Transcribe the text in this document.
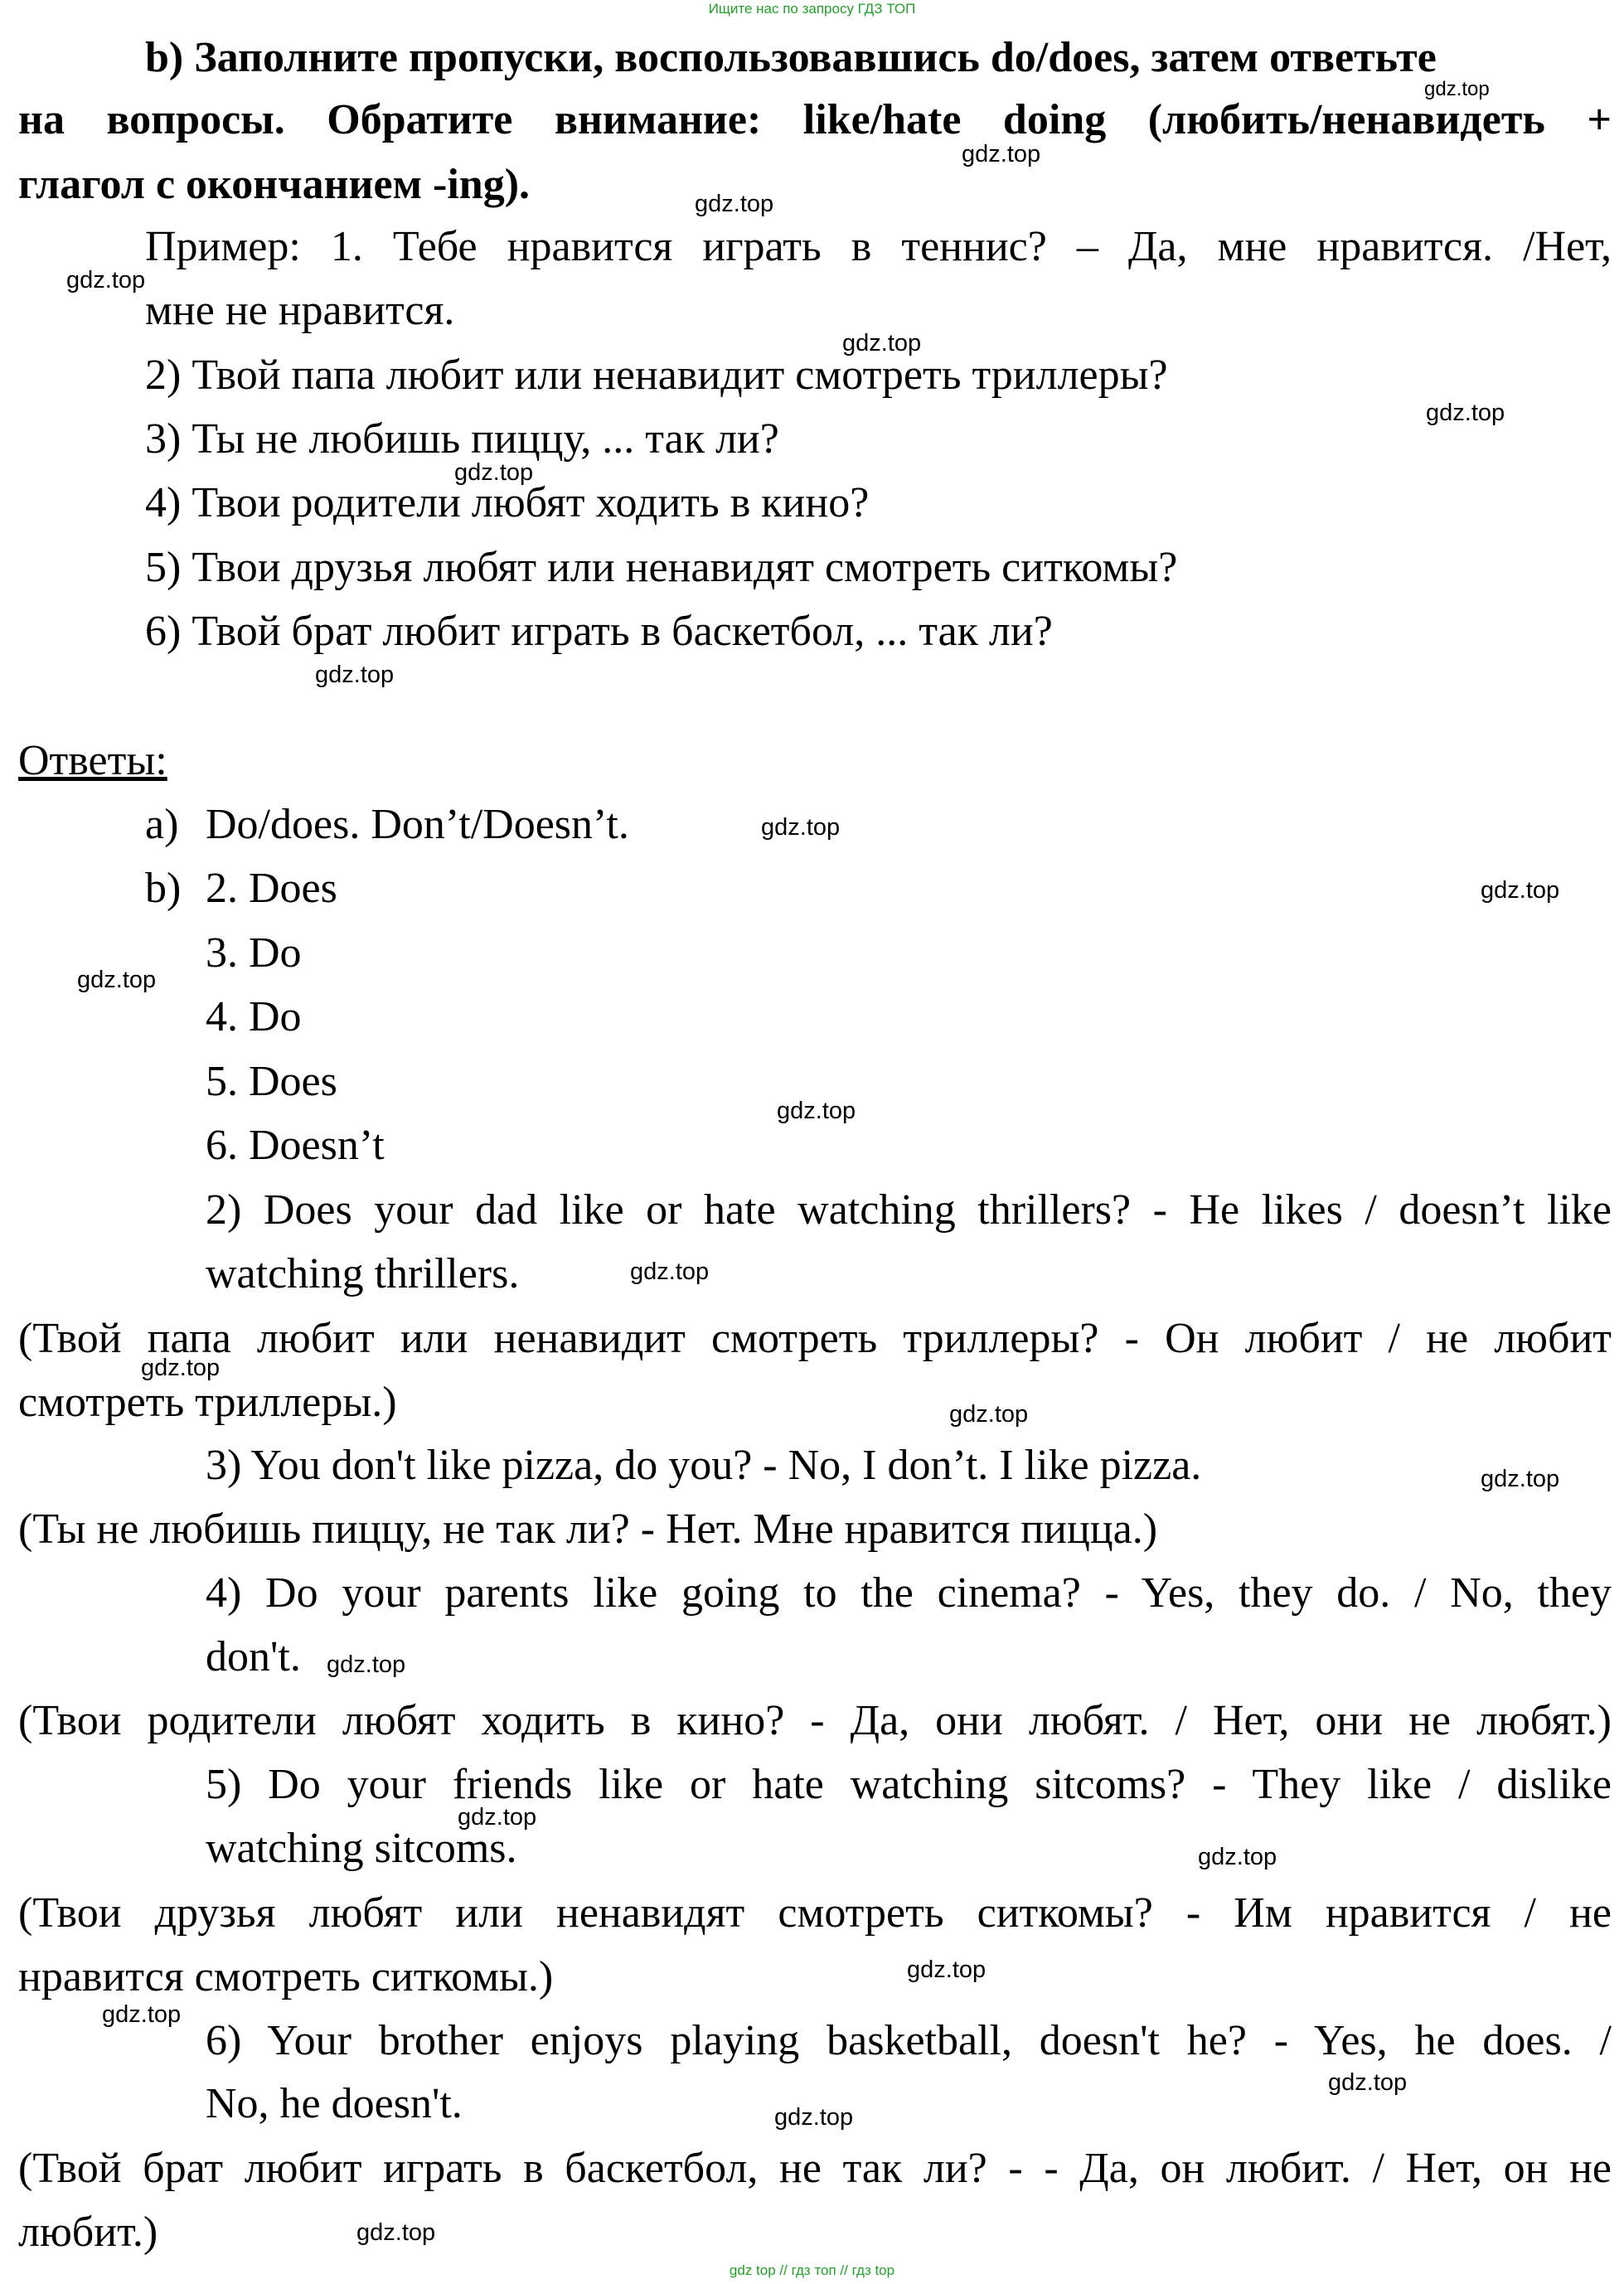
Ищите нас по запросу ГДЗ ТОП
b) Заполните пропуски, воспользовавшись do/does, затем ответьте
на вопросы. Обратите внимание: like/hate doing (любить/ненавидеть +
глагол с окончанием -ing).
Пример: 1. Тебе нравится играть в теннис? – Да, мне нравится. /Нет,
мне не нравится.
2) Твой папа любит или ненавидит смотреть триллеры?
3) Ты не любишь пиццу, ... так ли?
4) Твои родители любят ходить в кино?
5) Твои друзья любят или ненавидят смотреть ситкомы?
6) Твой брат любит играть в баскетбол, ... так ли?
Ответы:
a) Do/does. Don’t/Doesn’t.
b) 2. Does
3. Do
4. Do
5. Does
6. Doesn’t
2) Does your dad like or hate watching thrillers? - He likes / doesn’t like
watching thrillers.
(Твой папа любит или ненавидит смотреть триллеры? - Он любит / не любит
смотреть триллеры.)
3) You don't like pizza, do you? - No, I don’t. I like pizza.
(Ты не любишь пиццу, не так ли? - Нет. Мне нравится пицца.)
4) Do your parents like going to the cinema? - Yes, they do. / No, they
don't.
(Твои родители любят ходить в кино? - Да, они любят. / Нет, они не любят.)
5) Do your friends like or hate watching sitcoms? - They like / dislike
watching sitcoms.
(Твои друзья любят или ненавидят смотреть ситкомы? - Им нравится / не
нравится смотреть ситкомы.)
6) Your brother enjoys playing basketball, doesn't he? - Yes, he does. /
No, he doesn't.
(Твой брат любит играть в баскетбол, не так ли? - - Да, он любит. / Нет, он не
любит.)
gdz.top
gdz.top
gdz.top
gdz.top
gdz.top
gdz.top
gdz.top
gdz.top
gdz.top
gdz.top
gdz.top
gdz.top
gdz.top
gdz.top
gdz.top
gdz.top
gdz.top
gdz.top
gdz.top
gdz.top
gdz.top
gdz.top
gdz.top
gdz.top
gdz top // гдз топ // гдз top
